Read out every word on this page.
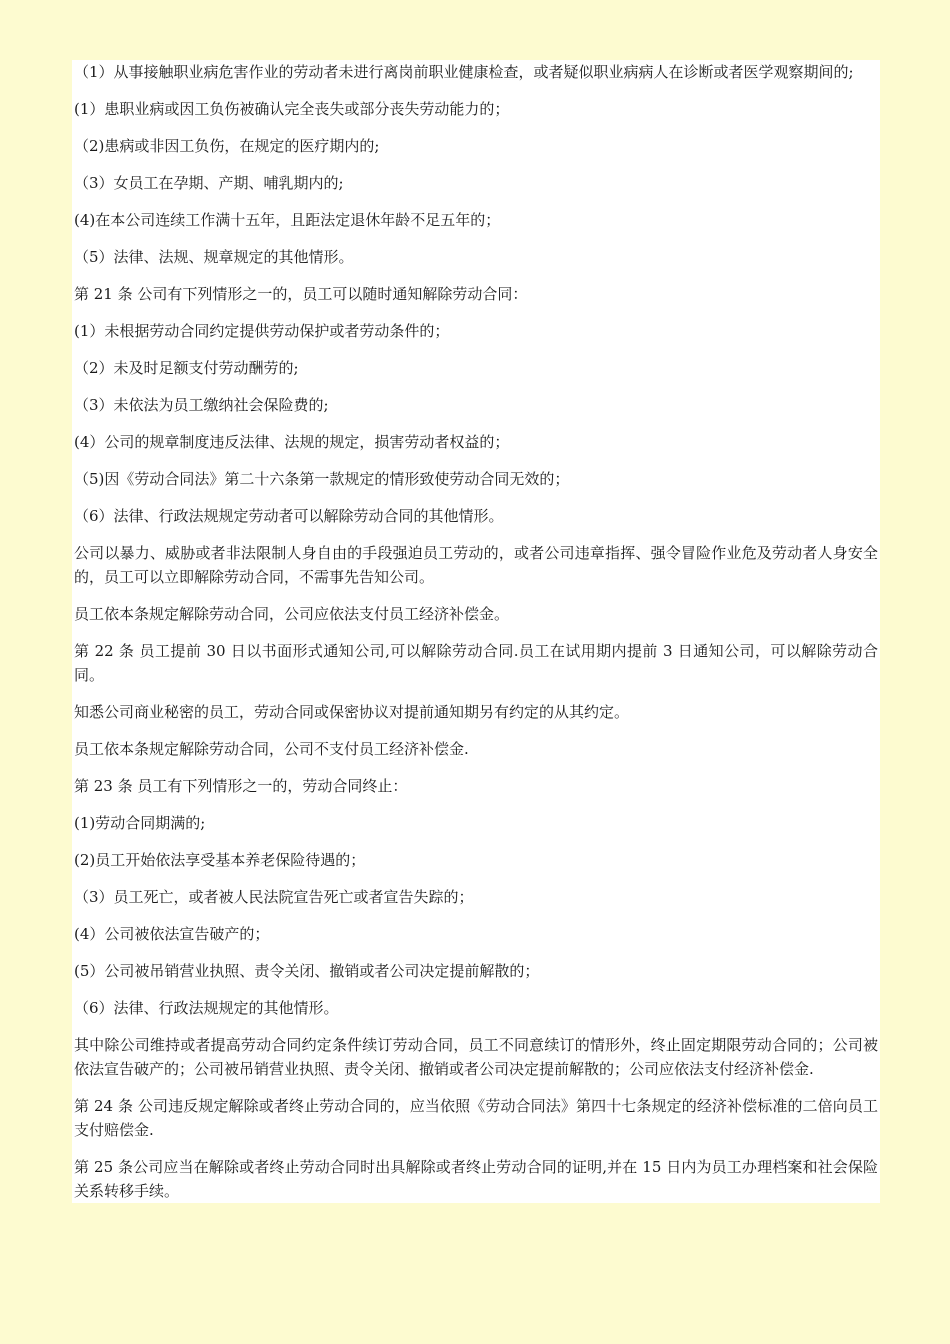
（1）从事接触职业病危害作业的劳动者未进行离岗前职业健康检查，或者疑似职业病病人在诊断或者医学观察期间的;

(1）患职业病或因工负伤被确认完全丧失或部分丧失劳动能力的；

（2)患病或非因工负伤，在规定的医疗期内的;

（3）女员工在孕期、产期、哺乳期内的;

(4)在本公司连续工作满十五年，且距法定退休年龄不足五年的；

（5）法律、法规、规章规定的其他情形。

第 21 条 公司有下列情形之一的，员工可以随时通知解除劳动合同：

(1）未根据劳动合同约定提供劳动保护或者劳动条件的；

（2）未及时足额支付劳动酬劳的;

（3）未依法为员工缴纳社会保险费的;

(4）公司的规章制度违反法律、法规的规定，损害劳动者权益的；

（5)因《劳动合同法》第二十六条第一款规定的情形致使劳动合同无效的；

（6）法律、行政法规规定劳动者可以解除劳动合同的其他情形。

公司以暴力、威胁或者非法限制人身自由的手段强迫员工劳动的，或者公司违章指挥、强令冒险作业危及劳动者人身安全的，员工可以立即解除劳动合同，不需事先告知公司。

员工依本条规定解除劳动合同，公司应依法支付员工经济补偿金。

第 22 条 员工提前 30 日以书面形式通知公司,可以解除劳动合同.员工在试用期内提前 3 日通知公司，可以解除劳动合同。

知悉公司商业秘密的员工，劳动合同或保密协议对提前通知期另有约定的从其约定。

员工依本条规定解除劳动合同，公司不支付员工经济补偿金.

第 23 条 员工有下列情形之一的，劳动合同终止：

(1)劳动合同期满的;

(2)员工开始依法享受基本养老保险待遇的；

（3）员工死亡，或者被人民法院宣告死亡或者宣告失踪的；

(4）公司被依法宣告破产的；

(5）公司被吊销营业执照、责令关闭、撤销或者公司决定提前解散的；

（6）法律、行政法规规定的其他情形。

其中除公司维持或者提高劳动合同约定条件续订劳动合同，员工不同意续订的情形外，终止固定期限劳动合同的；公司被依法宣告破产的；公司被吊销营业执照、责令关闭、撤销或者公司决定提前解散的；公司应依法支付经济补偿金.

第 24 条 公司违反规定解除或者终止劳动合同的，应当依照《劳动合同法》第四十七条规定的经济补偿标准的二倍向员工支付赔偿金.

第 25 条公司应当在解除或者终止劳动合同时出具解除或者终止劳动合同的证明,并在 15 日内为员工办理档案和社会保险关系转移手续。
